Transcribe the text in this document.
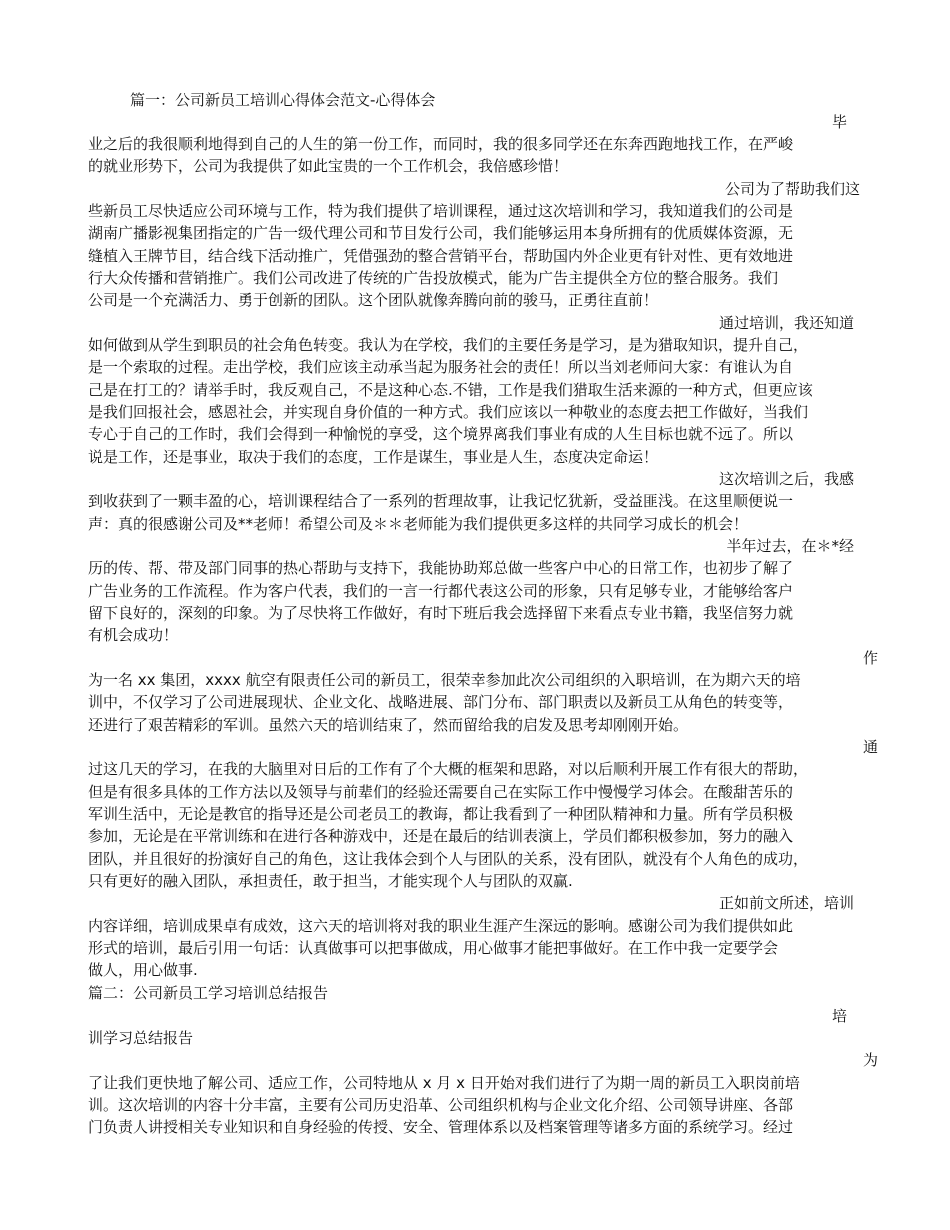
篇一：公司新员工培训心得体会范文-心得体会
毕
业之后的我很顺利地得到自己的人生的第一份工作，而同时，我的很多同学还在东奔西跑地找工作，在严峻
的就业形势下，公司为我提供了如此宝贵的一个工作机会，我倍感珍惜！
公司为了帮助我们这
些新员工尽快适应公司环境与工作，特为我们提供了培训课程，通过这次培训和学习，我知道我们的公司是
湖南广播影视集团指定的广告一级代理公司和节目发行公司，我们能够运用本身所拥有的优质媒体资源，无
缝植入王牌节目，结合线下活动推广，凭借强劲的整合营销平台，帮助国内外企业更有针对性、更有效地进
行大众传播和营销推广。我们公司改进了传统的广告投放模式，能为广告主提供全方位的整合服务。我们
公司是一个充满活力、勇于创新的团队。这个团队就像奔腾向前的骏马，正勇往直前！
通过培训，我还知道
如何做到从学生到职员的社会角色转变。我认为在学校，我们的主要任务是学习，是为猎取知识，提升自己，
是一个索取的过程。走出学校，我们应该主动承当起为服务社会的责任！所以当刘老师问大家：有谁认为自
己是在打工的？请举手时，我反观自己，不是这种心态.不错，工作是我们猎取生活来源的一种方式，但更应该
是我们回报社会，感恩社会，并实现自身价值的一种方式。我们应该以一种敬业的态度去把工作做好，当我们
专心于自己的工作时，我们会得到一种愉悦的享受，这个境界离我们事业有成的人生目标也就不远了。所以
说是工作，还是事业，取决于我们的态度，工作是谋生，事业是人生，态度决定命运！
这次培训之后，我感
到收获到了一颗丰盈的心，培训课程结合了一系列的哲理故事，让我记忆犹新，受益匪浅。在这里顺便说一
声：真的很感谢公司及**老师！希望公司及＊＊老师能为我们提供更多这样的共同学习成长的机会！
半年过去，在＊*经
历的传、帮、带及部门同事的热心帮助与支持下，我能协助郑总做一些客户中心的日常工作，也初步了解了
广告业务的工作流程。作为客户代表，我们的一言一行都代表这公司的形象，只有足够专业，才能够给客户
留下良好的，深刻的印象。为了尽快将工作做好，有时下班后我会选择留下来看点专业书籍，我坚信努力就
有机会成功！
作
为一名 xx 集团，xxxx 航空有限责任公司的新员工，很荣幸参加此次公司组织的入职培训，在为期六天的培
训中，不仅学习了公司进展现状、企业文化、战略进展、部门分布、部门职责以及新员工从角色的转变等，
还进行了艰苦精彩的军训。虽然六天的培训结束了，然而留给我的启发及思考却刚刚开始。
通
过这几天的学习，在我的大脑里对日后的工作有了个大概的框架和思路，对以后顺利开展工作有很大的帮助，
但是有很多具体的工作方法以及领导与前辈们的经验还需要自己在实际工作中慢慢学习体会。在酸甜苦乐的
军训生活中，无论是教官的指导还是公司老员工的教诲，都让我看到了一种团队精神和力量。所有学员积极
参加，无论是在平常训练和在进行各种游戏中，还是在最后的结训表演上，学员们都积极参加，努力的融入
团队，并且很好的扮演好自己的角色，这让我体会到个人与团队的关系，没有团队，就没有个人角色的成功，
只有更好的融入团队，承担责任，敢于担当，才能实现个人与团队的双赢.
正如前文所述，培训
内容详细，培训成果卓有成效，这六天的培训将对我的职业生涯产生深远的影响。感谢公司为我们提供如此
形式的培训，最后引用一句话：认真做事可以把事做成，用心做事才能把事做好。在工作中我一定要学会
做人，用心做事.
篇二：公司新员工学习培训总结报告
培
训学习总结报告
为
了让我们更快地了解公司、适应工作，公司特地从 x 月 x 日开始对我们进行了为期一周的新员工入职岗前培
训。这次培训的内容十分丰富，主要有公司历史沿革、公司组织机构与企业文化介绍、公司领导讲座、各部
门负责人讲授相关专业知识和自身经验的传授、安全、管理体系以及档案管理等诸多方面的系统学习。经过
